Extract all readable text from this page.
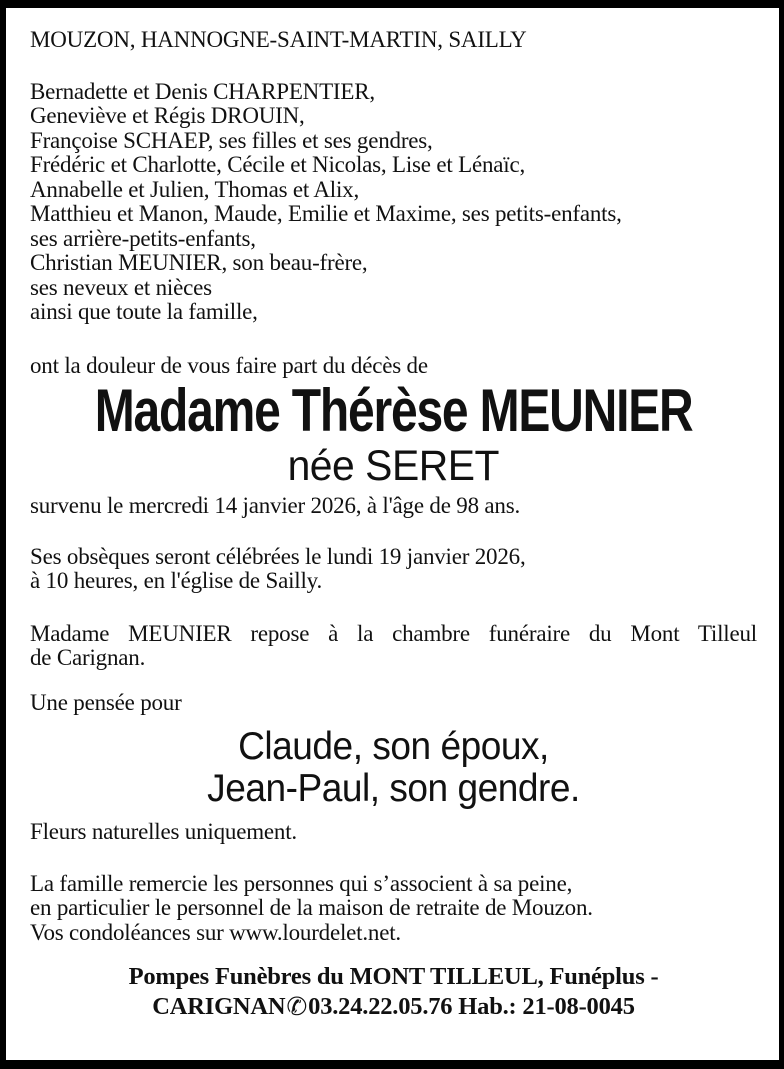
MOUZON, HANNOGNE-SAINT-MARTIN, SAILLY
Bernadette et Denis CHARPENTIER,
Geneviève et Régis DROUIN,
Françoise SCHAEP, ses filles et ses gendres,
Frédéric et Charlotte, Cécile et Nicolas, Lise et Lénaïc,
Annabelle et Julien, Thomas et Alix,
Matthieu et Manon, Maude, Emilie et Maxime, ses petits-enfants,
ses arrière-petits-enfants,
Christian MEUNIER, son beau-frère,
ses neveux et nièces
ainsi que toute la famille,
ont la douleur de vous faire part du décès de
Madame Thérèse MEUNIER
née SERET
survenu le mercredi 14 janvier 2026, à l'âge de 98 ans.
Ses obsèques seront célébrées le lundi 19 janvier 2026,
à 10 heures, en l'église de Sailly.
Madame MEUNIER repose à la chambre funéraire du Mont Tilleul
de Carignan.
Une pensée pour
Claude, son époux,
Jean-Paul, son gendre.
Fleurs naturelles uniquement.
La famille remercie les personnes qui s’associent à sa peine,
en particulier le personnel de la maison de retraite de Mouzon.
Vos condoléances sur www.lourdelet.net.
Pompes Funèbres du MONT TILLEUL, Funéplus -
CARIGNAN✆03.24.22.05.76 Hab.: 21-08-0045
